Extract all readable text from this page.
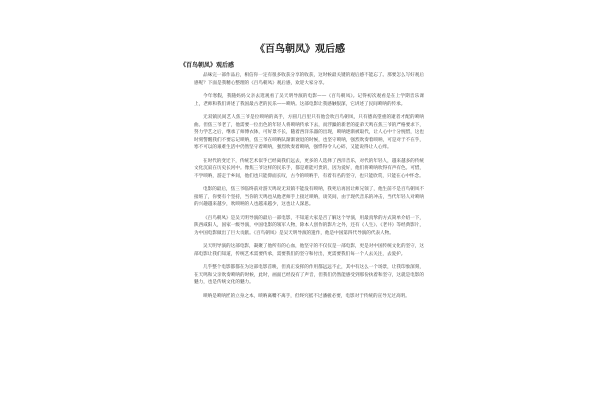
《百鸟朝凤》观后感
《百鸟朝凤》观后感

品味完一部作品后，相信你一定有很多收获分享的收获，这时候最关键的观后感不能忘了。那要怎么写好观后感呢？下面是我精心整理的《百鸟朝凤》观后感，欢迎大家分享。

今年寒假，我随妈妈父亲去逛观看了吴天明导演的电影——《百鸟朝凤》。记得初次观看是在上学期音乐课上，老师和我们讲述了我国最古老的民乐——唢呐。这部电影让我感触很深，它讲述了民间唢呐的传承。

无双镇民间艺人焦三爷是位唢呐的高手，方圆几百里只有他会吹百鸟朝凤，只有德高望重的逝者才配的唢呐曲。但焦三爷老了，他需要一位出色的年轻人将唢呐传承下去，而浮躁的新老的徒弟天鸣在焦三爷的严格要求下，努力学艺之后，继承了师傅衣钵，可好景不长，随着西洋乐器的出现，唢呐逐渐被取代，让人心中十分惋惜，这也时刻警醒我们不要忘记唢呐，焦三爷在唢呐队渐渐衰退的时候，也坚守唢呐，强烈吹奏着唢呐，可是对于不在乎，寒不可以的艰难生活中仍然坚守着唢呐，强烈吹奏着唢呐，强悍得令人心碎，又能说得让人心痒。

在时代的变迁下，传统艺术似乎已经离我们远去，更多的人选择了西洋音乐，对代的年轻人，越来越多的传统文化沉寂在历史长河中。像焦三爷这样的民乐手，都是难能可贵的，因为爱好，他们将唢呐吹得有声有色。可惜，不学唢呐，游走于乡间，他们也只能仰面长叹，古今的唢呐手，有着有名的坚守，也只能欣赏，只能在心中怀念。

电影的最后，焦三爷临终前对游天鸣说无双镇不能没有唢呐，我死后再因让师兄领了，他生前不是百鸟朝凤不接班了，你要有个坚持，当你的天鸣也从他老师手上接过唢呐，谈笑间，由于现代音乐的冲击，当代年轻人对唢呐的兴趣越来越少，吹唢呐的人也越来越少，这也让人深思。

《百鸟朝凤》是吴天明导演的最后一部电影，不知道大家是否了解这个导演，用最真挚的方式简单介绍一下，陕西咸阳人，国家一级导演，中国电影的领军人物，除本人创作的影片之外，还有《人生》、《老井》等经典影片，为中国电影做出了巨大贡献。《百鸟朝凤》是吴天明导演的遗作，他是中国第四代导演的代表人物。

吴天明导演的这部电影，凝聚了他所有的心血，他坚守的不仅仅是一部电影，更是对中国传统文化的坚守，这部电影让我们知道，传统艺术需要传承，需要我们的坚守和付出，更需要我们每一个人去关注，去爱护。

几乎整个电影都都在为这部电影首映，但真正发挥的作用都远远不止，其中有这么一个场景，让我印象深刻，在天鸣和父亲吹奏唢呐的时候，此时，画面已经没有了声音，但我们仍然能感受到那份执着和坚守，这就是电影的魅力，也是传统文化的魅力。

唢呐是唢呐匠的立身之本，唢呐离嘴不离手，但终究抵不过潘板必要，电影对于传统的宣导无过高明。
